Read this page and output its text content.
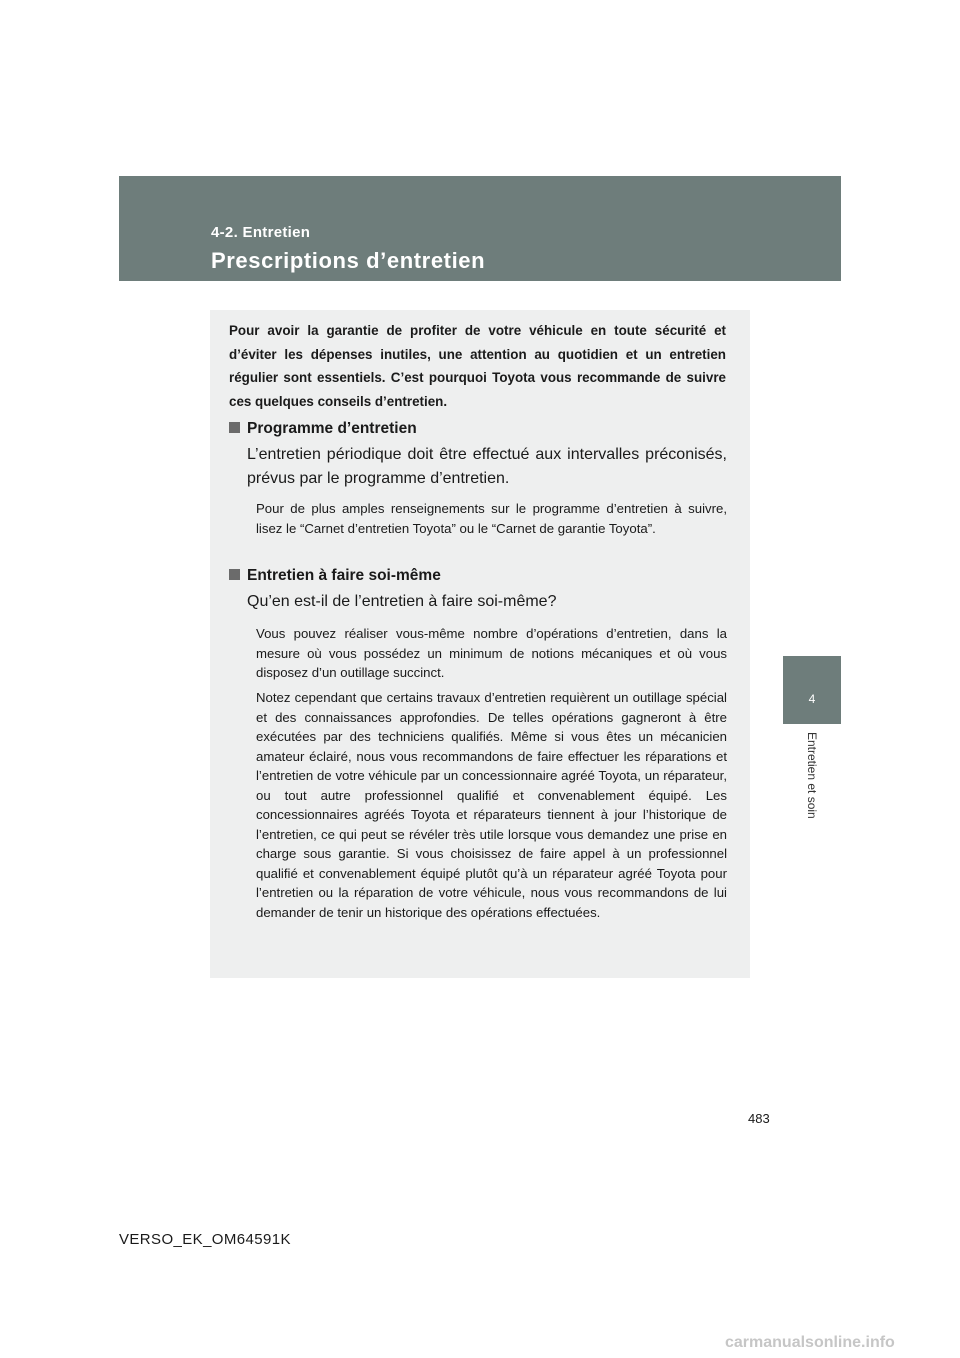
4-2. Entretien
Prescriptions d’entretien
4
Entretien et soin

Pour avoir la garantie de profiter de votre véhicule en toute sécurité et d’éviter les dépenses inutiles, une attention au quotidien et un entretien régulier sont essentiels. C’est pourquoi Toyota vous recommande de suivre ces quelques conseils d’entretien.

Programme d’entretien

L’entretien périodique doit être effectué aux intervalles préconisés, prévus par le programme d’entretien.

Pour de plus amples renseignements sur le programme d’entretien à suivre, lisez le “Carnet d’entretien Toyota” ou le “Carnet de garantie Toyota”.

Entretien à faire soi-même

Qu’en est-il de l’entretien à faire soi-même?

Vous pouvez réaliser vous-même nombre d’opérations d’entretien, dans la mesure où vous possédez un minimum de notions mécaniques et où vous disposez d’un outillage succinct.

Notez cependant que certains travaux d’entretien requièrent un outillage spécial et des connaissances approfondies. De telles opérations gagneront à être exécutées par des techniciens qualifiés. Même si vous êtes un mécanicien amateur éclairé, nous vous recommandons de faire effectuer les réparations et l’entretien de votre véhicule par un concessionnaire agréé Toyota, un réparateur, ou tout autre professionnel qualifié et convenablement équipé. Les concessionnaires agréés Toyota et réparateurs tiennent à jour l’historique de l’entretien, ce qui peut se révéler très utile lorsque vous demandez une prise en charge sous garantie. Si vous choisissez de faire appel à un professionnel qualifié et convenablement équipé plutôt qu’à un réparateur agréé Toyota pour l’entretien ou la réparation de votre véhicule, nous vous recommandons de lui demander de tenir un historique des opérations effectuées.

483
VERSO_EK_OM64591K
carmanualsonline.info
